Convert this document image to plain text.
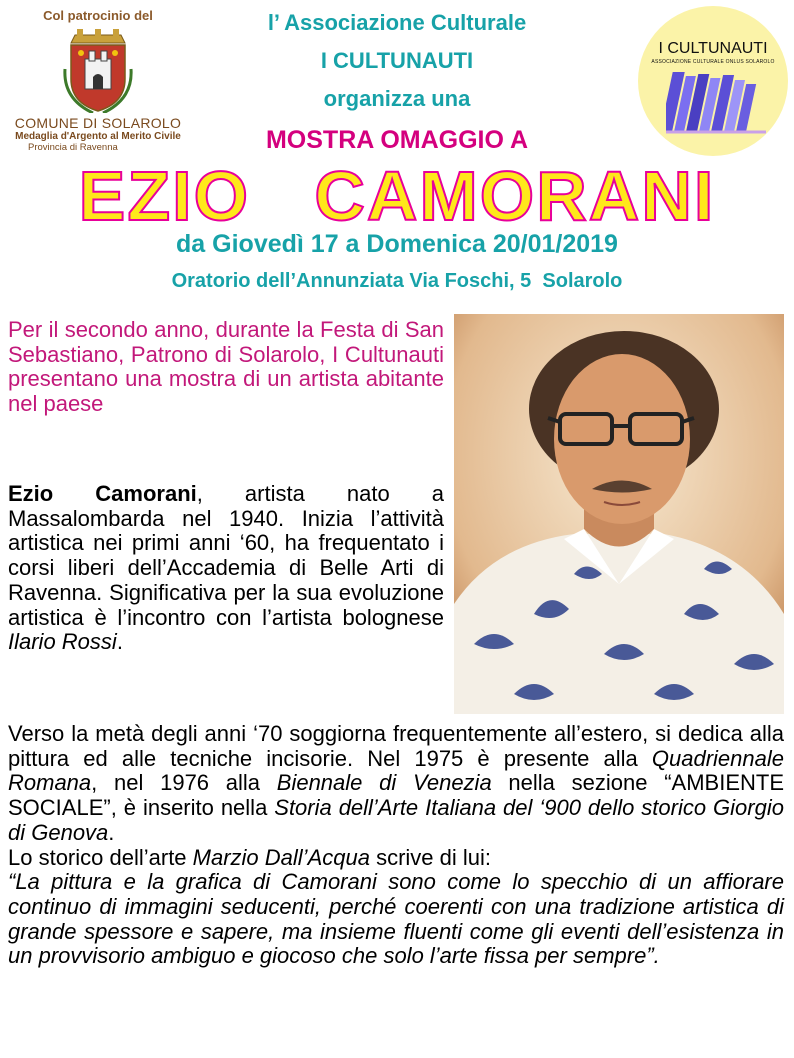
Col patrocinio del
COMUNE DI SOLAROLO
Medaglia d'Argento al Merito Civile
Provincia di Ravenna
l’ Associazione Culturale
I CULTUNAUTI
organizza una
MOSTRA OMAGGIO A
EZIO   CAMORANI
da Giovedì 17 a Domenica 20/01/2019
Oratorio dell’Annunziata Via Foschi, 5  Solarolo
I CULTUNAUTI
ASSOCIAZIONE CULTURALE ONLUS SOLAROLO
Per il secondo anno, durante la Festa di San Sebastiano, Patrono di Solarolo, I Cultunauti presentano una mostra di un artista abitante nel paese
Ezio Camorani, artista nato a Massalombarda nel 1940. Inizia l’attività artistica nei primi anni ‘60, ha frequentato i corsi liberi dell’Accademia di Belle Arti di Ravenna. Significativa per la sua evoluzione artistica è l’incontro con l’artista bolognese Ilario Rossi.
Verso la metà degli anni ‘70 soggiorna frequentemente all’estero, si dedica alla pittura ed alle tecniche incisorie. Nel 1975 è presente alla Quadriennale Romana, nel 1976 alla Biennale di Venezia nella sezione “AMBIENTE SOCIALE”, è inserito nella Storia dell’Arte Italiana del ‘900 dello storico Giorgio di Genova.
Lo storico dell’arte Marzio Dall’Acqua scrive di lui:
“La pittura e la grafica di Camorani sono come lo specchio di un affiorare continuo di immagini seducenti, perché coerenti con una tradizione artistica di grande spessore e sapere, ma insieme fluenti come gli eventi dell’esistenza in un provvisorio ambiguo e giocoso che solo l’arte fissa per sempre”.
